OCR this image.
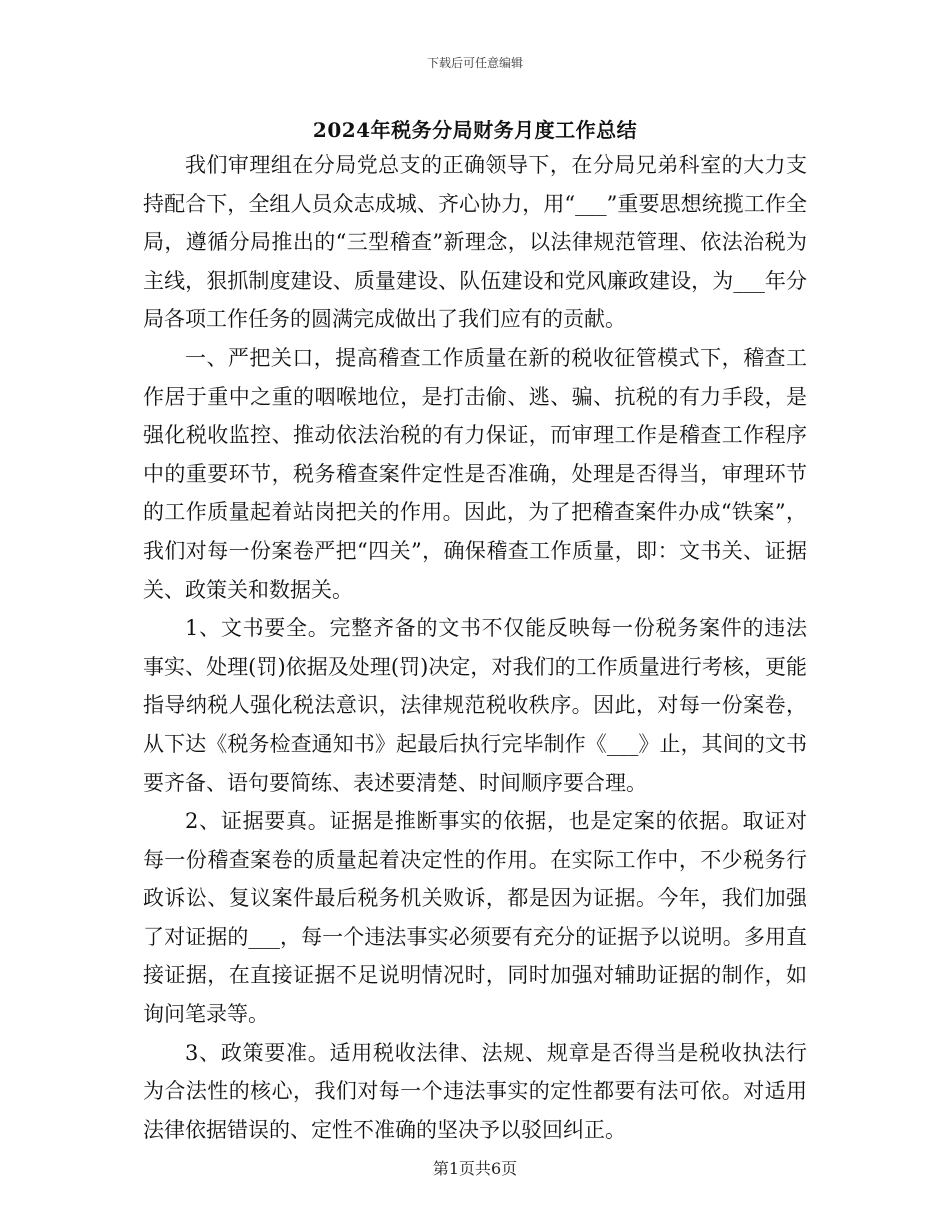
下载后可任意编辑
2024年税务分局财务月度工作总结

我们审理组在分局党总支的正确领导下，在分局兄弟科室的大力支持配合下，全组人员众志成城、齐心协力，用“___”重要思想统揽工作全局，遵循分局推出的“三型稽查”新理念，以法律规范管理、依法治税为主线，狠抓制度建设、质量建设、队伍建设和党风廉政建设，为___年分局各项工作任务的圆满完成做出了我们应有的贡献。

一、严把关口，提高稽查工作质量在新的税收征管模式下，稽查工作居于重中之重的咽喉地位，是打击偷、逃、骗、抗税的有力手段，是强化税收监控、推动依法治税的有力保证，而审理工作是稽查工作程序中的重要环节，税务稽查案件定性是否准确，处理是否得当，审理环节的工作质量起着站岗把关的作用。因此，为了把稽查案件办成“铁案”，我们对每一份案卷严把“四关”，确保稽查工作质量，即：文书关、证据关、政策关和数据关。

1、文书要全。完整齐备的文书不仅能反映每一份税务案件的违法事实、处理(罚)依据及处理(罚)决定，对我们的工作质量进行考核，更能指导纳税人强化税法意识，法律规范税收秩序。因此，对每一份案卷，从下达《税务检查通知书》起最后执行完毕制作《___》止，其间的文书要齐备、语句要简练、表述要清楚、时间顺序要合理。

2、证据要真。证据是推断事实的依据，也是定案的依据。取证对每一份稽查案卷的质量起着决定性的作用。在实际工作中，不少税务行政诉讼、复议案件最后税务机关败诉，都是因为证据。今年，我们加强了对证据的___，每一个违法事实必须要有充分的证据予以说明。多用直接证据，在直接证据不足说明情况时，同时加强对辅助证据的制作，如询问笔录等。

3、政策要准。适用税收法律、法规、规章是否得当是税收执法行为合法性的核心，我们对每一个违法事实的定性都要有法可依。对适用法律依据错误的、定性不准确的坚决予以驳回纠正。

第1页共6页
